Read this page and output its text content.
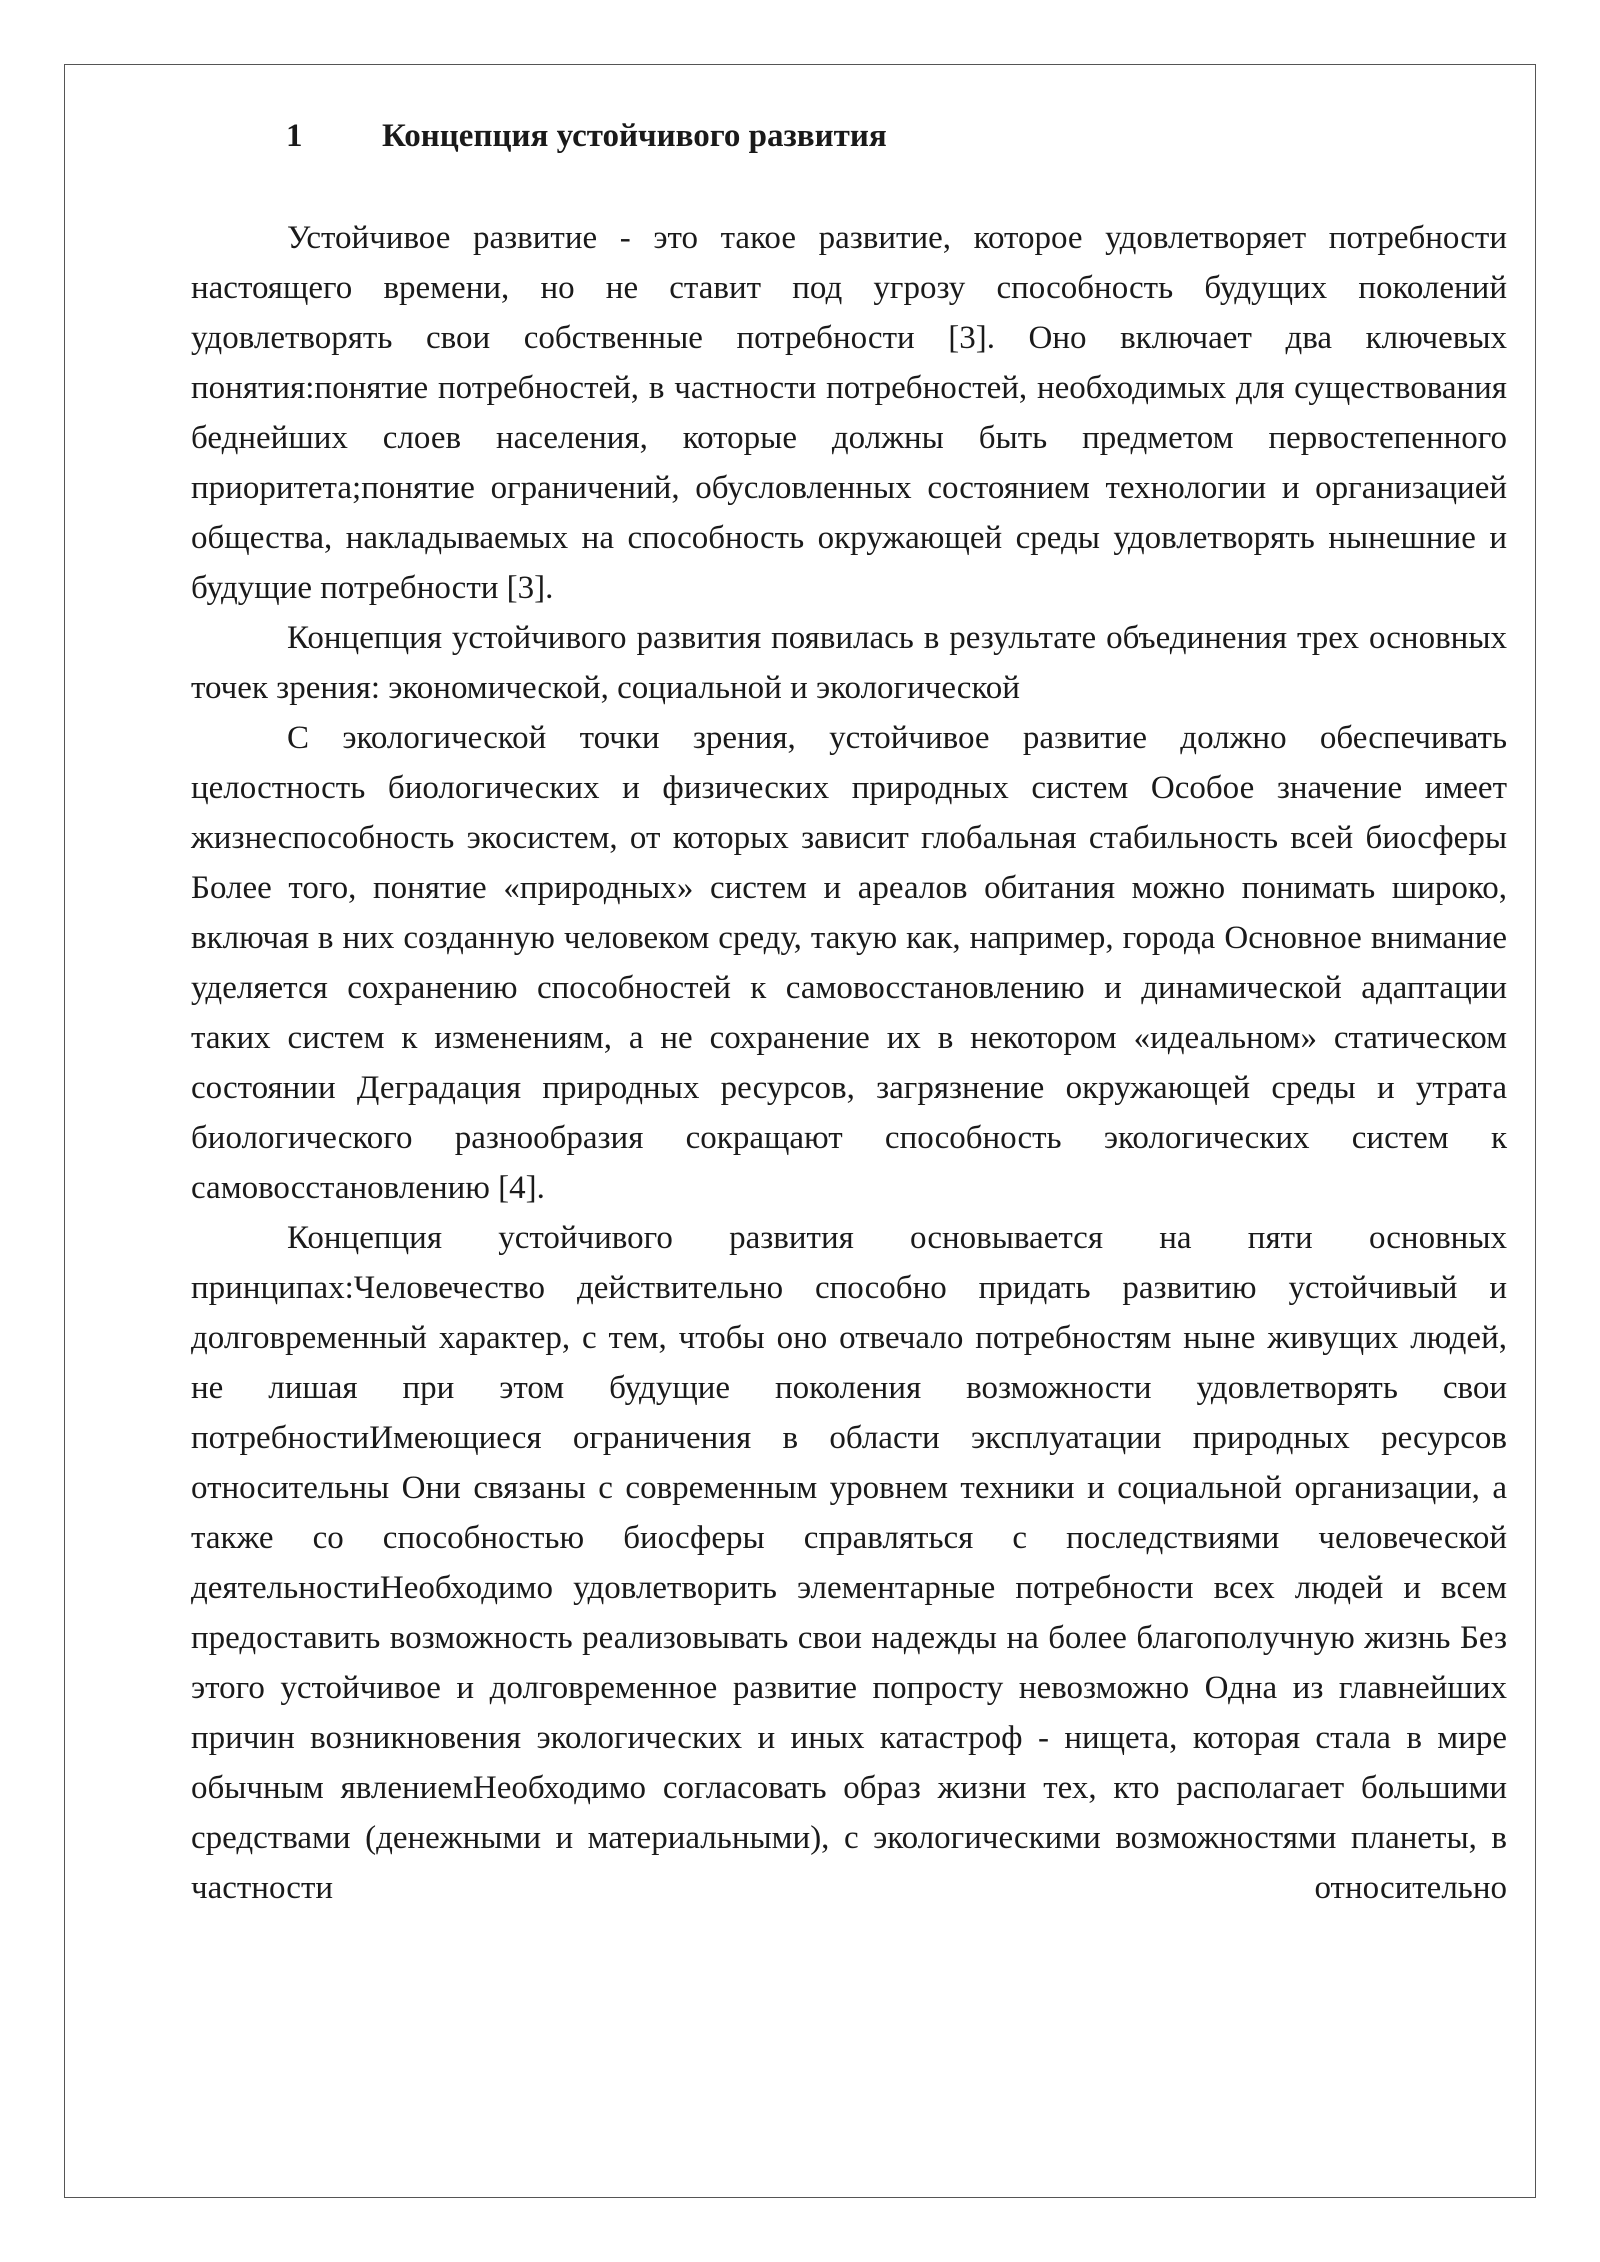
1 Концепция устойчивого развития

Устойчивое развитие - это такое развитие, которое удовлетворяет потребности настоящего времени, но не ставит под угрозу способность будущих поколений удовлетворять свои собственные потребности [3]. Оно включает два ключевых понятия:понятие потребностей, в частности потребностей, необходимых для существования беднейших слоев населения, которые должны быть предметом первостепенного приоритета;понятие ограничений, обусловленных состоянием технологии и организацией общества, накладываемых на способность окружающей среды удовлетворять нынешние и будущие потребности [3].

Концепция устойчивого развития появилась в результате объединения трех основных точек зрения: экономической, социальной и экологической

С экологической точки зрения, устойчивое развитие должно обеспечивать целостность биологических и физических природных систем Особое значение имеет жизнеспособность экосистем, от которых зависит глобальная стабильность всей биосферы Более того, понятие «природных» систем и ареалов обитания можно понимать широко, включая в них созданную человеком среду, такую как, например, города Основное внимание уделяется сохранению способностей к самовосстановлению и динамической адаптации таких систем к изменениям, а не сохранение их в некотором «идеальном» статическом состоянии Деградация природных ресурсов, загрязнение окружающей среды и утрата биологического разнообразия сокращают способность экологических систем к самовосстановлению [4].

Концепция устойчивого развития основывается на пяти основных принципах:Человечество действительно способно придать развитию устойчивый и долговременный характер, с тем, чтобы оно отвечало потребностям ныне живущих людей, не лишая при этом будущие поколения возможности удовлетворять свои потребностиИмеющиеся ограничения в области эксплуатации природных ресурсов относительны Они связаны с современным уровнем техники и социальной организации, а также со способностью биосферы справляться с последствиями человеческой деятельностиНеобходимо удовлетворить элементарные потребности всех людей и всем предоставить возможность реализовывать свои надежды на более благополучную жизнь Без этого устойчивое и долговременное развитие попросту невозможно Одна из главнейших причин возникновения экологических и иных катастроф - нищета, которая стала в мире обычным явлениемНеобходимо согласовать образ жизни тех, кто располагает большими средствами (денежными и материальными), с экологическими возможностями планеты, в частности относительно
